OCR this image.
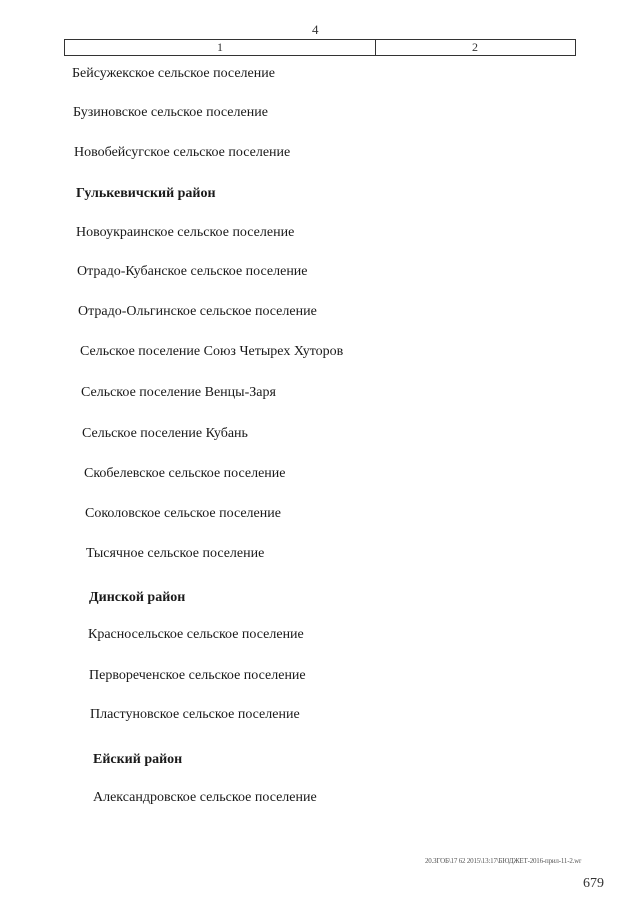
4
1	2
Бейсужекское сельское поселение
Бузиновское сельское поселение
Новобейсугское сельское поселение
Гулькевичский район
Новоукраинское сельское поселение
Отрадо-Кубанское сельское поселение
Отрадо-Ольгинское сельское поселение
Сельское поселение Союз Четырех Хуторов
Сельское поселение Венцы-Заря
Сельское поселение Кубань
Скобелевское сельское поселение
Соколовское сельское поселение
Тысячное сельское поселение
Динской район
Красносельское сельское поселение
Первореченское сельское поселение
Пластуновское сельское поселение
Ейский район
Александровское сельское поселение
20.ЗГОБ\17 62 2015\13:17\БЮДЖЕТ-2016-прил-11-2.wr
679
